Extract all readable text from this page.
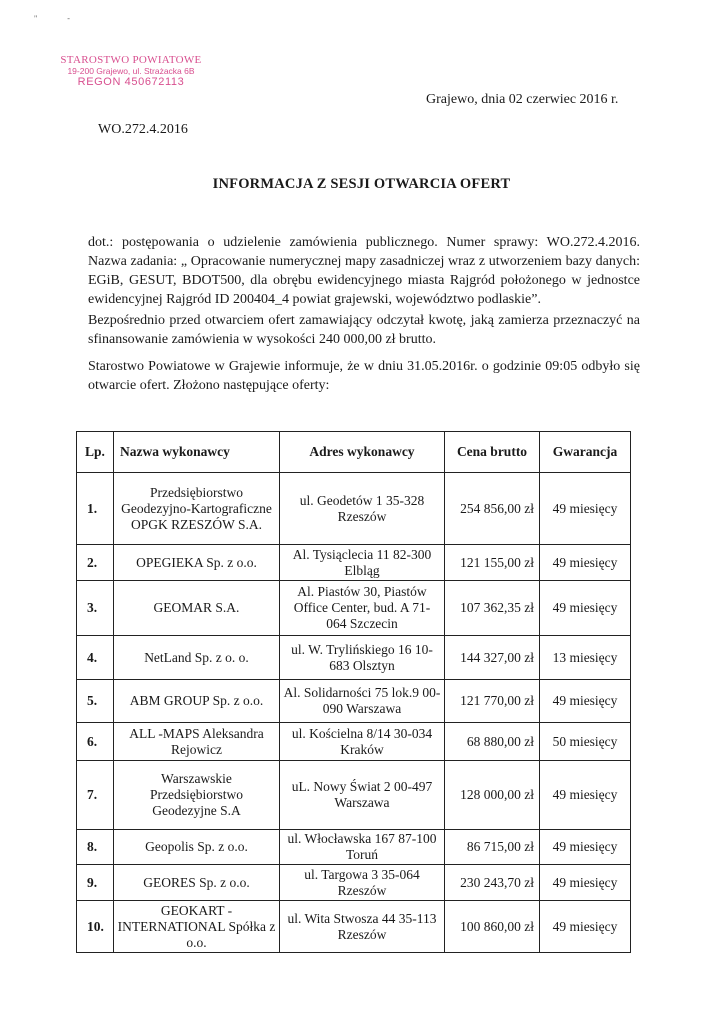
" -
STAROSTWO POWIATOWE
19-200 Grajewo, ul. Strażacka 6B
REGON 450672113
Grajewo, dnia 02 czerwiec 2016 r.
WO.272.4.2016
INFORMACJA Z SESJI OTWARCIA OFERT
dot.: postępowania o udzielenie zamówienia publicznego. Numer sprawy: WO.272.4.2016. Nazwa zadania: „ Opracowanie numerycznej mapy zasadniczej wraz z utworzeniem bazy danych: EGiB, GESUT, BDOT500, dla obrębu ewidencyjnego miasta Rajgród położonego w jednostce ewidencyjnej Rajgród ID 200404_4 powiat grajewski, województwo podlaskie”.
Bezpośrednio przed otwarciem ofert zamawiający odczytał kwotę, jaką zamierza przeznaczyć na sfinansowanie zamówienia w wysokości 240 000,00 zł brutto.
Starostwo Powiatowe w Grajewie informuje, że w dniu 31.05.2016r. o godzinie 09:05 odbyło się otwarcie ofert. Złożono następujące oferty:
Lp.	Nazwa wykonawcy	Adres wykonawcy	Cena brutto	Gwarancja
1.	Przedsiębiorstwo Geodezyjno-Kartograficzne OPGK RZESZÓW S.A.	ul. Geodetów 1 35-328 Rzeszów	254 856,00 zł	49 miesięcy
2.	OPEGIEKA Sp. z o.o.	Al. Tysiąclecia 11 82-300 Elbląg	121 155,00 zł	49 miesięcy
3.	GEOMAR S.A.	Al. Piastów 30, Piastów Office Center, bud. A 71- 064 Szczecin	107 362,35 zł	49 miesięcy
4.	NetLand Sp. z o. o.	ul. W. Trylińskiego 16 10-683 Olsztyn	144 327,00 zł	13 miesięcy
5.	ABM GROUP Sp. z o.o.	Al. Solidarności 75 lok.9 00-090 Warszawa	121 770,00 zł	49 miesięcy
6.	ALL -MAPS Aleksandra Rejowicz	ul. Kościelna 8/14 30-034 Kraków	68 880,00 zł	50 miesięcy
7.	Warszawskie Przedsiębiorstwo Geodezyjne S.A	uL. Nowy Świat 2 00-497 Warszawa	128 000,00 zł	49 miesięcy
8.	Geopolis Sp. z o.o.	ul. Włocławska 167 87-100 Toruń	86 715,00 zł	49 miesięcy
9.	GEORES Sp. z o.o.	ul. Targowa 3 35-064 Rzeszów	230 243,70 zł	49 miesięcy
10.	GEOKART - INTERNATIONAL Spółka z o.o.	ul. Wita Stwosza 44 35-113 Rzeszów	100 860,00 zł	49 miesięcy
